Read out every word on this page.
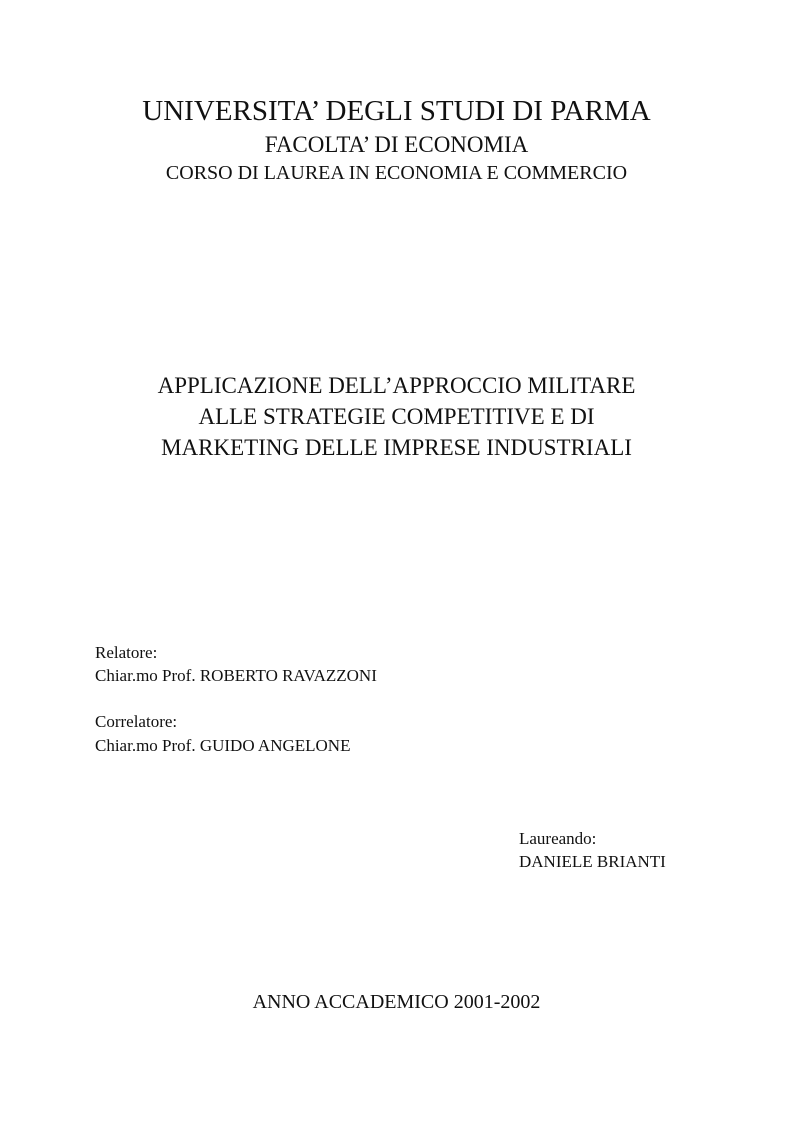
UNIVERSITA’ DEGLI STUDI DI PARMA
FACOLTA’ DI ECONOMIA
CORSO DI LAUREA IN ECONOMIA E COMMERCIO
APPLICAZIONE DELL’APPROCCIO MILITARE
ALLE STRATEGIE COMPETITIVE E DI
MARKETING DELLE IMPRESE INDUSTRIALI
Relatore:
Chiar.mo Prof. ROBERTO RAVAZZONI
Correlatore:
Chiar.mo Prof. GUIDO ANGELONE
Laureando:
DANIELE BRIANTI
ANNO ACCADEMICO 2001-2002
